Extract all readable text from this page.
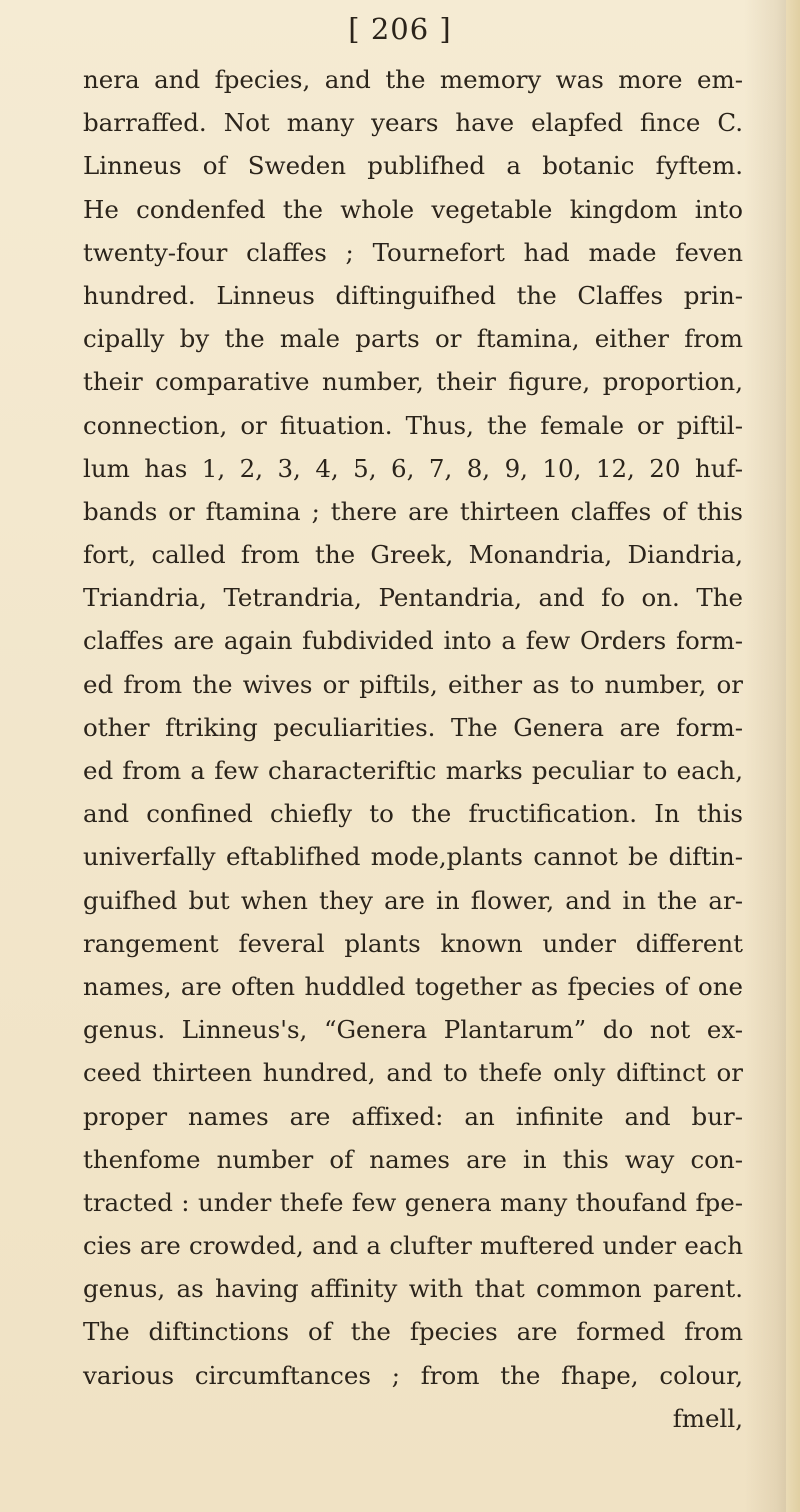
[ 206 ]
nera and fpecies, and the memory was more em-
barraffed. Not many years have elapfed fince C.
Linneus of Sweden publifhed a botanic fyftem.
He condenfed the whole vegetable kingdom into
twenty-four claffes ; Tournefort had made feven
hundred. Linneus diftinguifhed the Claffes prin-
cipally by the male parts or ftamina, either from
their comparative number, their figure, proportion,
connection, or fituation. Thus, the female or piftil-
lum has 1, 2, 3, 4, 5, 6, 7, 8, 9, 10, 12, 20 huf-
bands or ftamina ; there are thirteen claffes of this
fort, called from the Greek, Monandria, Diandria,
Triandria, Tetrandria, Pentandria, and fo on. The
claffes are again fubdivided into a few Orders form-
ed from the wives or piftils, either as to number, or
other ftriking peculiarities. The Genera are form-
ed from a few characteriftic marks peculiar to each,
and confined chiefly to the fructification. In this
univerfally eftablifhed mode,plants cannot be diftin-
guifhed but when they are in flower, and in the ar-
rangement feveral plants known under different
names, are often huddled together as fpecies of one
genus. Linneus's, “Genera Plantarum” do not ex-
ceed thirteen hundred, and to thefe only diftinct or
proper names are affixed: an infinite and bur-
thenfome number of names are in this way con-
tracted : under thefe few genera many thoufand fpe-
cies are crowded, and a clufter muftered under each
genus, as having affinity with that common parent.
The diftinctions of the fpecies are formed from
various circumftances ; from the fhape, colour,
fmell,
